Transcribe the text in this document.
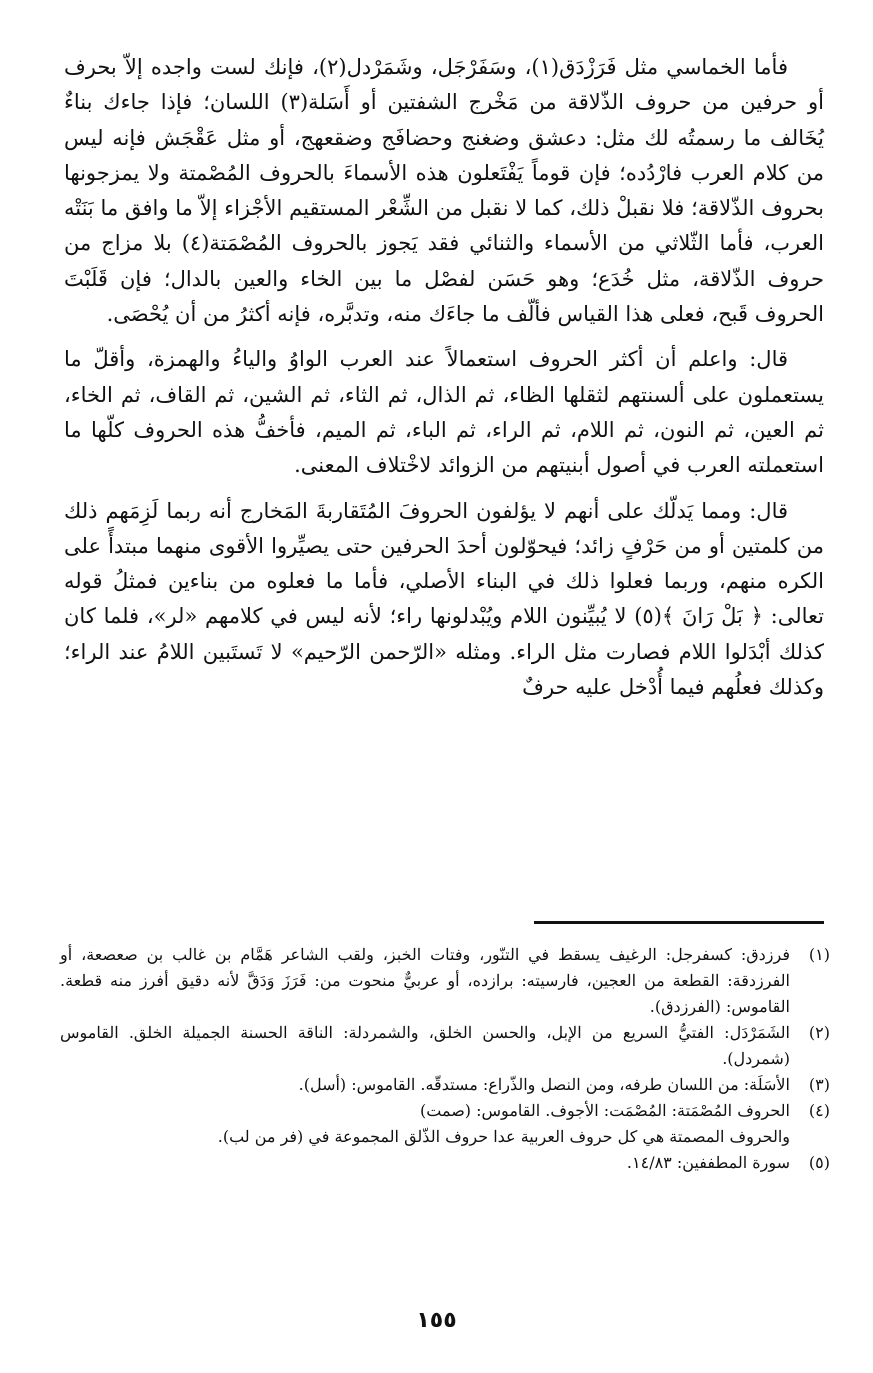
فأما الخماسي مثل فَرَزْدَق(١)، وسَفَرْجَل، وشَمَرْدل(٢)، فإنك لست واجده إلاّ بحرف أو حرفين من حروف الذّلاقة من مَخْرج الشفتين أو أَسَلة(٣) اللسان؛ فإذا جاءك بناءٌ يُخَالف ما رسمتُه لك مثل: دعشق وضغنج وحضافَج وضقعهج، أو مثل عَقْجَش فإنه ليس من كلام العرب فارْدُده؛ فإن قوماً يَفْتَعلون هذه الأسماءَ بالحروف المُصْمتة ولا يمزجونها بحروف الذّلاقة؛ فلا نقبلْ ذلك، كما لا نقبل من الشِّعْر المستقيم الأجْزاء إلاّ ما وافق ما بَنَتْه العرب، فأما الثّلاثي من الأسماء والثنائي فقد يَجوز بالحروف المُصْمَتة(٤) بلا مزاج من حروف الذّلاقة، مثل خُدَع؛ وهو حَسَن لفصْل ما بين الخاء والعين بالدال؛ فإن قَلَبْتَ الحروف قَبح، فعلى هذا القياس فألّف ما جاءَك منه، وتدبَّره، فإنه أكثرُ من أن يُحْصَى.

قال: واعلم أن أكثر الحروف استعمالاً عند العرب الواوُ والياءُ والهمزة، وأقلّ ما يستعملون على ألسنتهم لثقلها الظاء، ثم الذال، ثم الثاء، ثم الشين، ثم القاف، ثم الخاء، ثم العين، ثم النون، ثم اللام، ثم الراء، ثم الباء، ثم الميم، فأخفُّ هذه الحروف كلّها ما استعملته العرب في أصول أبنيتهم من الزوائد لاخْتلاف المعنى.

قال: ومما يَدلّك على أنهم لا يؤلفون الحروفَ المُتَقاربةَ المَخارج أنه ربما لَزِمَهم ذلك من كلمتين أو من حَرْفٍ زائد؛ فيحوّلون أحدَ الحرفين حتى يصيِّروا الأقوى منهما مبتدأً على الكره منهم، وربما فعلوا ذلك في البناء الأصلي، فأما ما فعلوه من بناءين فمثلُ قوله تعالى: ﴿ بَلْ رَانَ ﴾(٥) لا يُبيِّنون اللام ويُبْدلونها راء؛ لأنه ليس في كلامهم «لر»، فلما كان كذلك أبْدَلوا اللام فصارت مثل الراء. ومثله «الرّحمن الرّحيم» لا تَستَبين اللامُ عند الراء؛ وكذلك فعلُهم فيما أُدْخل عليه حرفٌ

(١)
فرزدق: كسفرجل: الرغيف يسقط في التنّور، وفتات الخبز، ولقب الشاعر هَمَّام بن غالب بن صعصعة، أو الفرزدقة: القطعة من العجين، فارسيته: برازده، أو عربيٌّ منحوت من: فَرَزَ وَدَقَّ لأنه دقيق أفرز منه قطعة. القاموس: (الفرزدق).
(٢)
الشَمَرْدَل: الفتيُّ السريع من الإبل، والحسن الخلق، والشمردلة: الناقة الحسنة الجميلة الخلق. القاموس (شمردل).
(٣)
الأسَلَة: من اللسان طرفه، ومن النصل والذّراع: مستدقّه. القاموس: (أسل).
(٤)
الحروف المُصْمَتة: المُصْمَت: الأجوف. القاموس: (صمت)
والحروف المصمتة هي كل حروف العربية عدا حروف الذّلق المجموعة في (فر من لب).
(٥)
سورة المطففين: ١٤/٨٣.
١٥٥
